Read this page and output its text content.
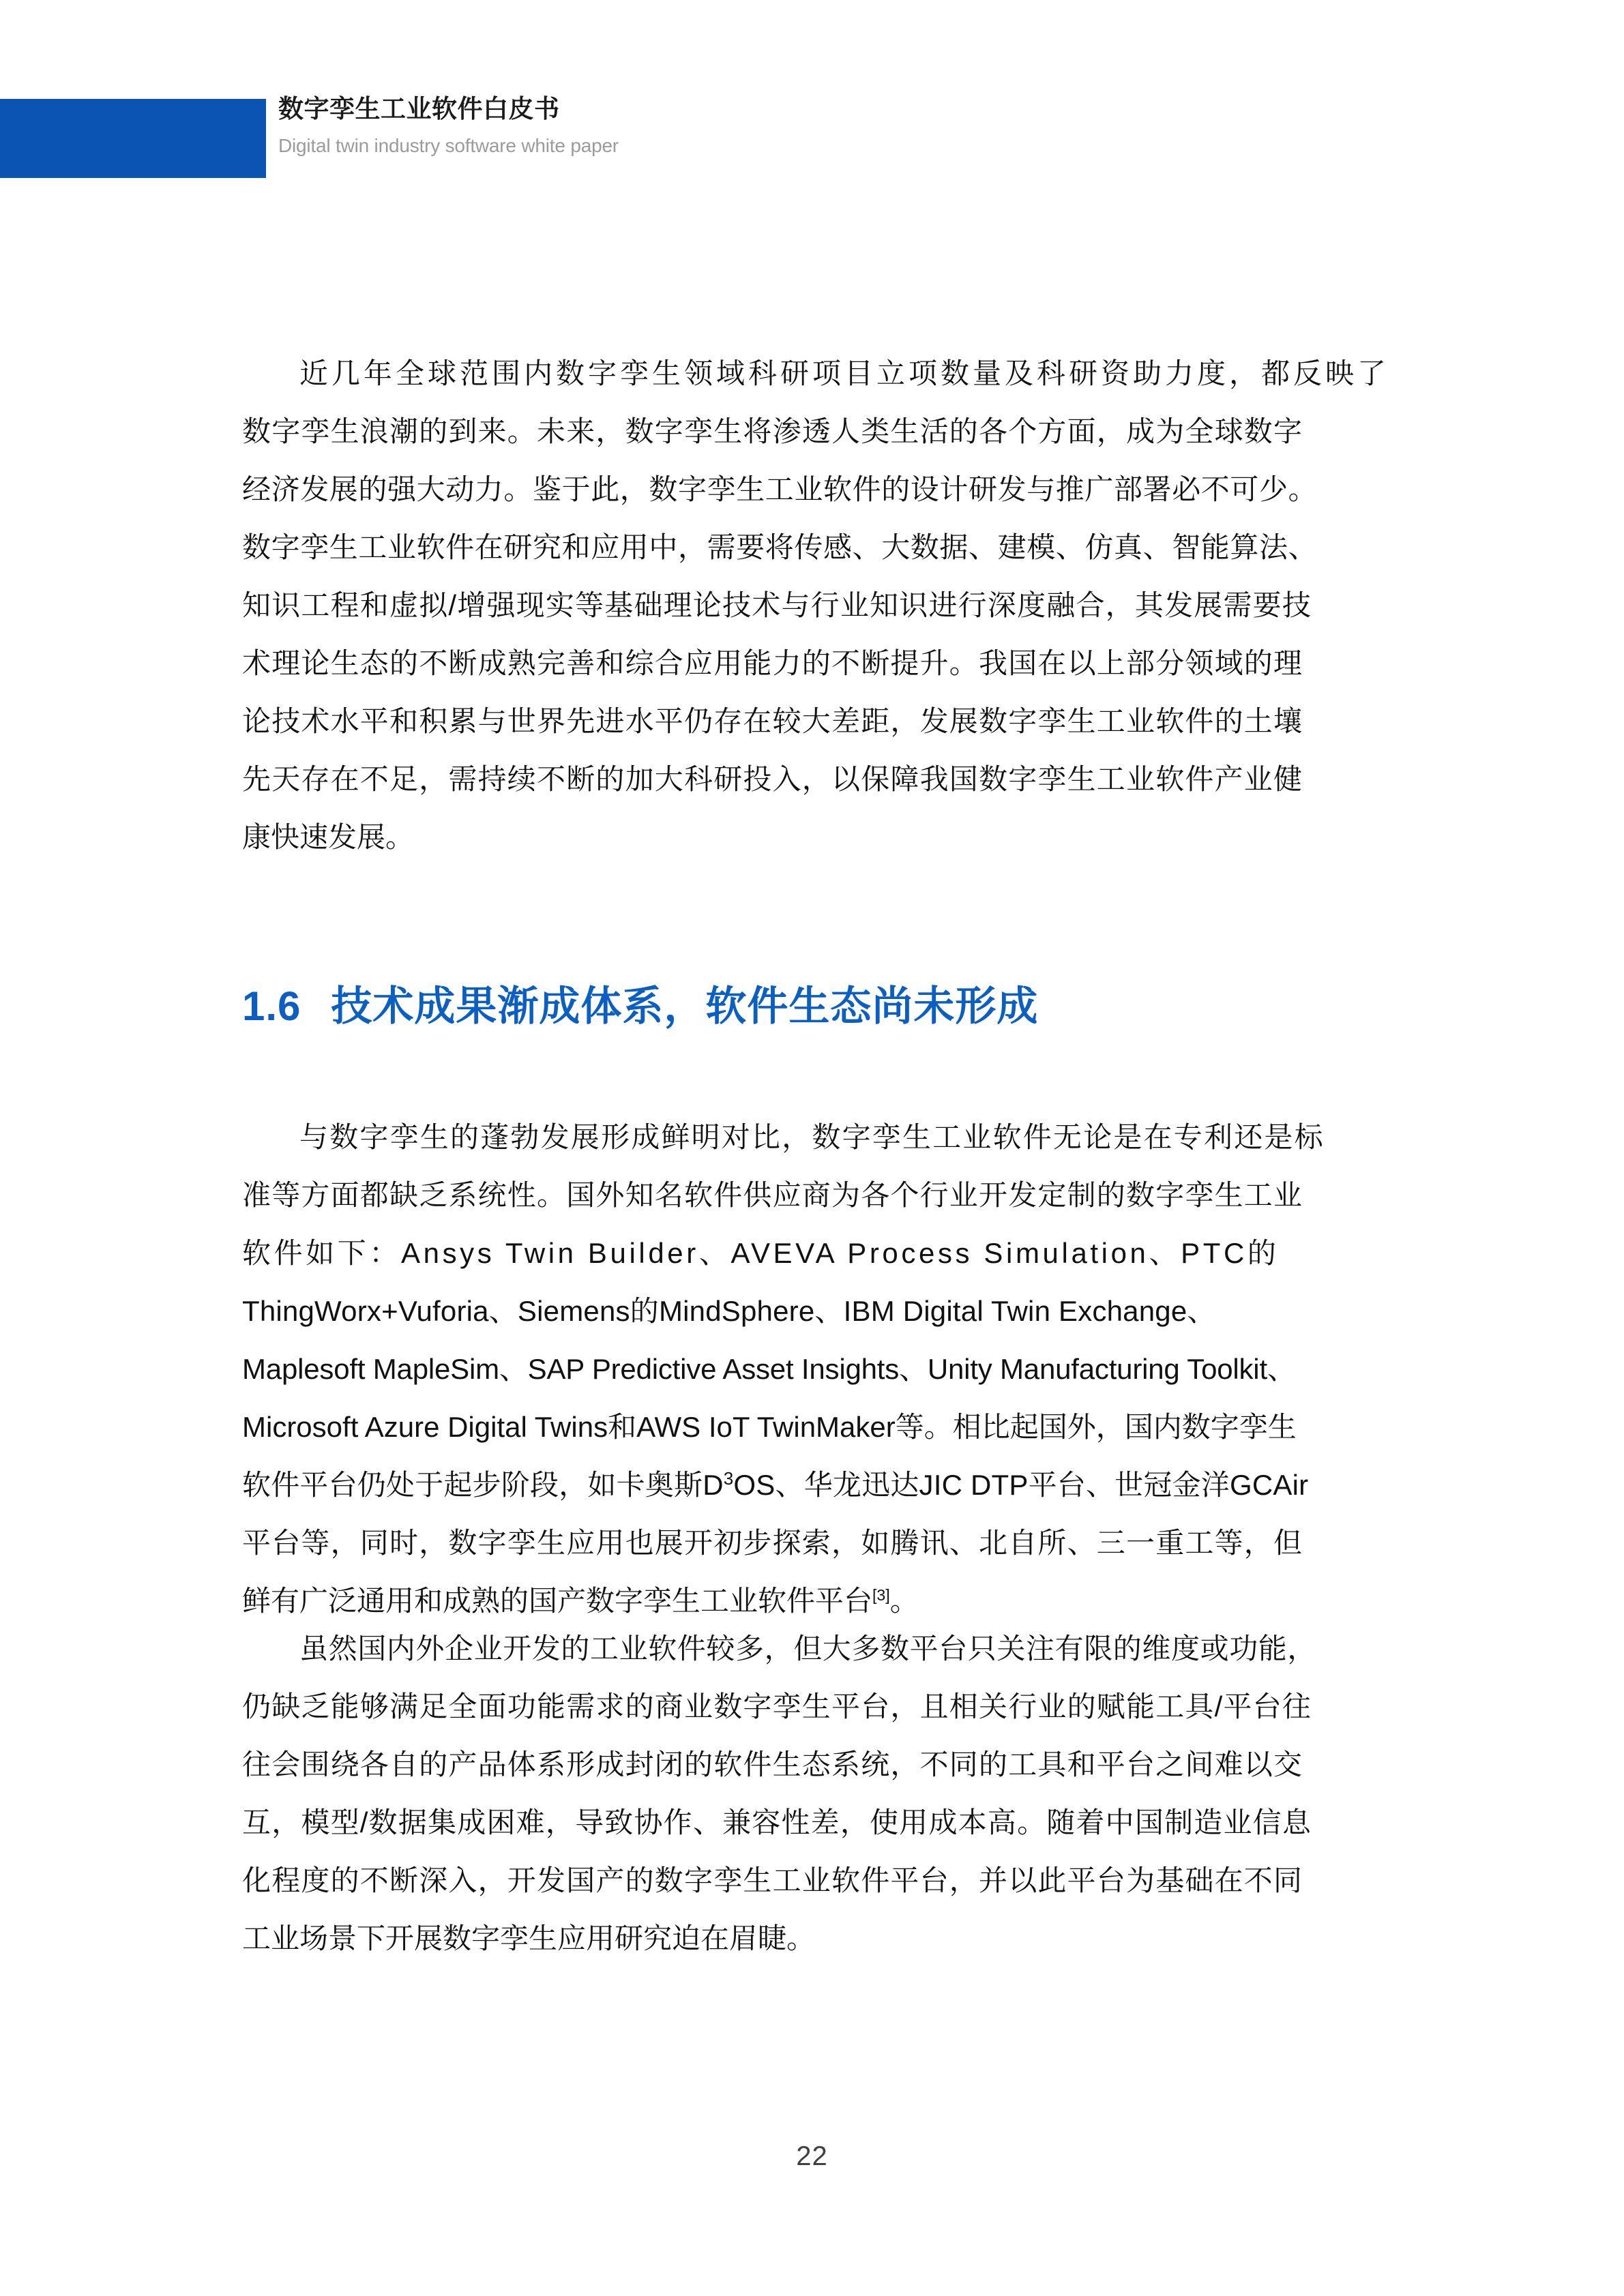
数字孪生工业软件白皮书
Digital twin industry software white paper
近几年全球范围内数字孪生领域科研项目立项数量及科研资助力度，都反映了
数字孪生浪潮的到来。未来，数字孪生将渗透人类生活的各个方面，成为全球数字
经济发展的强大动力。鉴于此，数字孪生工业软件的设计研发与推广部署必不可少。
数字孪生工业软件在研究和应用中，需要将传感、大数据、建模、仿真、智能算法、
知识工程和虚拟/增强现实等基础理论技术与行业知识进行深度融合，其发展需要技
术理论生态的不断成熟完善和综合应用能力的不断提升。我国在以上部分领域的理
论技术水平和积累与世界先进水平仍存在较大差距，发展数字孪生工业软件的土壤
先天存在不足，需持续不断的加大科研投入，以保障我国数字孪生工业软件产业健
康快速发展。
1.6 技术成果渐成体系，软件生态尚未形成
与数字孪生的蓬勃发展形成鲜明对比，数字孪生工业软件无论是在专利还是标
准等方面都缺乏系统性。国外知名软件供应商为各个行业开发定制的数字孪生工业
软件如下：Ansys Twin Builder、AVEVA Process Simulation、PTC的
ThingWorx+Vuforia、Siemens的MindSphere、IBM Digital Twin Exchange、
Maplesoft MapleSim、SAP Predictive Asset Insights、Unity Manufacturing Toolkit、
Microsoft Azure Digital Twins和AWS IoT TwinMaker等。相比起国外，国内数字孪生
软件平台仍处于起步阶段，如卡奥斯$D^3OS$、华龙迅达JIC DTP平台、世冠金洋GCAir
平台等，同时，数字孪生应用也展开初步探索，如腾讯、北自所、三一重工等，但
鲜有广泛通用和成熟的国产数字孪生工业软件平台[3]。
虽然国内外企业开发的工业软件较多，但大多数平台只关注有限的维度或功能，
仍缺乏能够满足全面功能需求的商业数字孪生平台，且相关行业的赋能工具/平台往
往会围绕各自的产品体系形成封闭的软件生态系统，不同的工具和平台之间难以交
互，模型/数据集成困难，导致协作、兼容性差，使用成本高。随着中国制造业信息
化程度的不断深入，开发国产的数字孪生工业软件平台，并以此平台为基础在不同
工业场景下开展数字孪生应用研究迫在眉睫。
22
